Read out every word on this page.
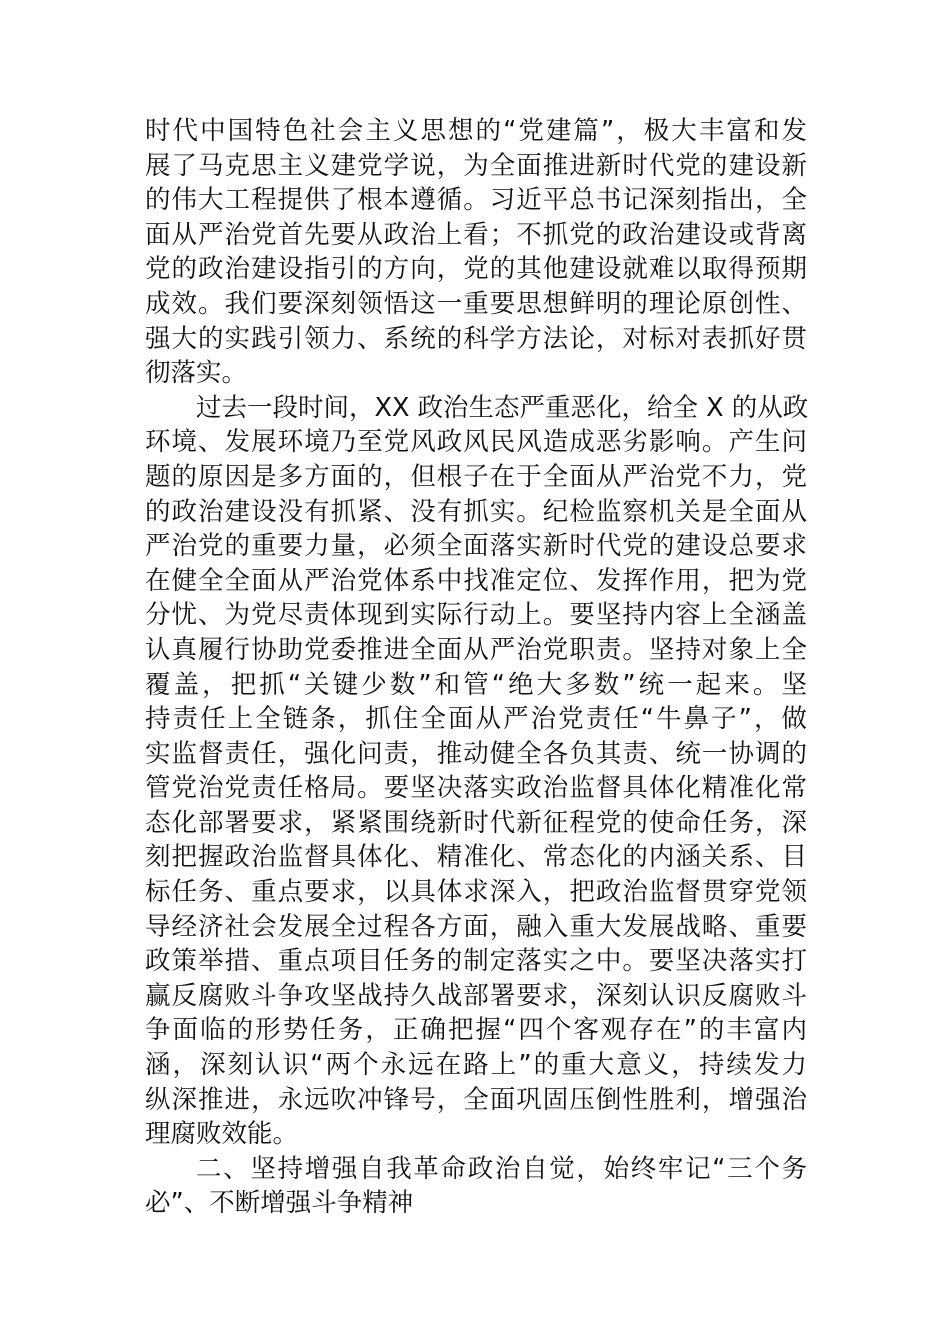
时代中国特色社会主义思想的“党建篇”，极大丰富和发
展了马克思主义建党学说，为全面推进新时代党的建设新
的伟大工程提供了根本遵循。习近平总书记深刻指出，全
面从严治党首先要从政治上看；不抓党的政治建设或背离
党的政治建设指引的方向，党的其他建设就难以取得预期
成效。我们要深刻领悟这一重要思想鲜明的理论原创性、
强大的实践引领力、系统的科学方法论，对标对表抓好贯
彻落实。
过去一段时间，XX 政治生态严重恶化，给全 X 的从政
环境、发展环境乃至党风政风民风造成恶劣影响。产生问
题的原因是多方面的，但根子在于全面从严治党不力，党
的政治建设没有抓紧、没有抓实。纪检监察机关是全面从
严治党的重要力量，必须全面落实新时代党的建设总要求
在健全全面从严治党体系中找准定位、发挥作用，把为党
分忧、为党尽责体现到实际行动上。要坚持内容上全涵盖
认真履行协助党委推进全面从严治党职责。坚持对象上全
覆盖，把抓“关键少数”和管“绝大多数”统一起来。坚
持责任上全链条，抓住全面从严治党责任“牛鼻子”，做
实监督责任，强化问责，推动健全各负其责、统一协调的
管党治党责任格局。要坚决落实政治监督具体化精准化常
态化部署要求，紧紧围绕新时代新征程党的使命任务，深
刻把握政治监督具体化、精准化、常态化的内涵关系、目
标任务、重点要求，以具体求深入，把政治监督贯穿党领
导经济社会发展全过程各方面，融入重大发展战略、重要
政策举措、重点项目任务的制定落实之中。要坚决落实打
赢反腐败斗争攻坚战持久战部署要求，深刻认识反腐败斗
争面临的形势任务，正确把握“四个客观存在”的丰富内
涵，深刻认识“两个永远在路上”的重大意义，持续发力
纵深推进，永远吹冲锋号，全面巩固压倒性胜利，增强治
理腐败效能。
二、坚持增强自我革命政治自觉，始终牢记“三个务
必”、不断增强斗争精神
